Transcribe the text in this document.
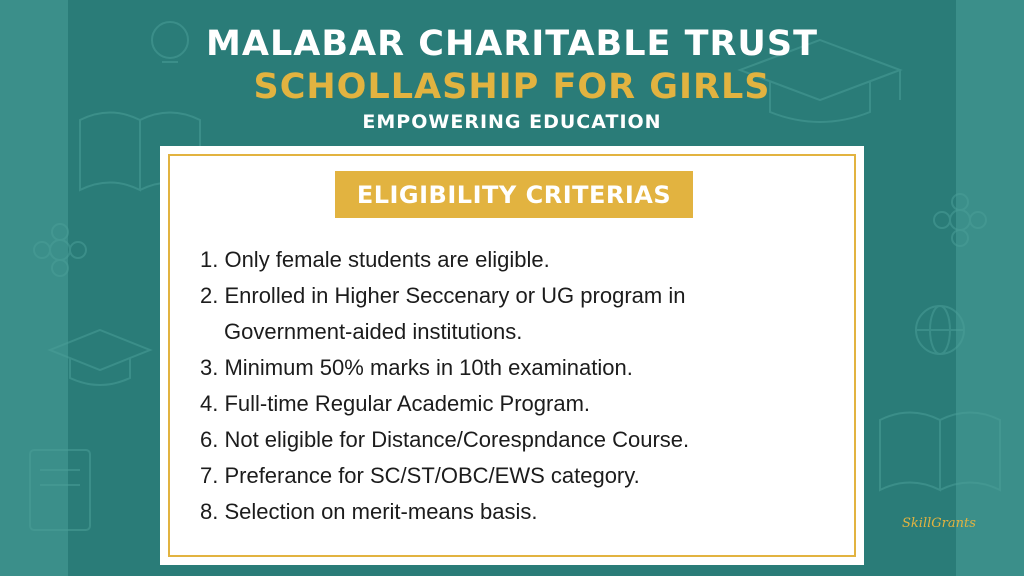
MALABAR CHARITABLE TRUST
SCHOLLASHIP FOR GIRLS
EMPOWERING EDUCATION
ELIGIBILITY CRITERIAS
1. Only female students are eligible.
2. Enrolled in Higher Seccenary or UG program in
Government-aided institutions.
3. Minimum 50% marks in 10th examination.
4. Full-time Regular Academic Program.
6. Not eligible for Distance/Corespndance Course.
7. Preferance for SC/ST/OBC/EWS category.
8. Selection on merit-means basis.	SkillGrants
